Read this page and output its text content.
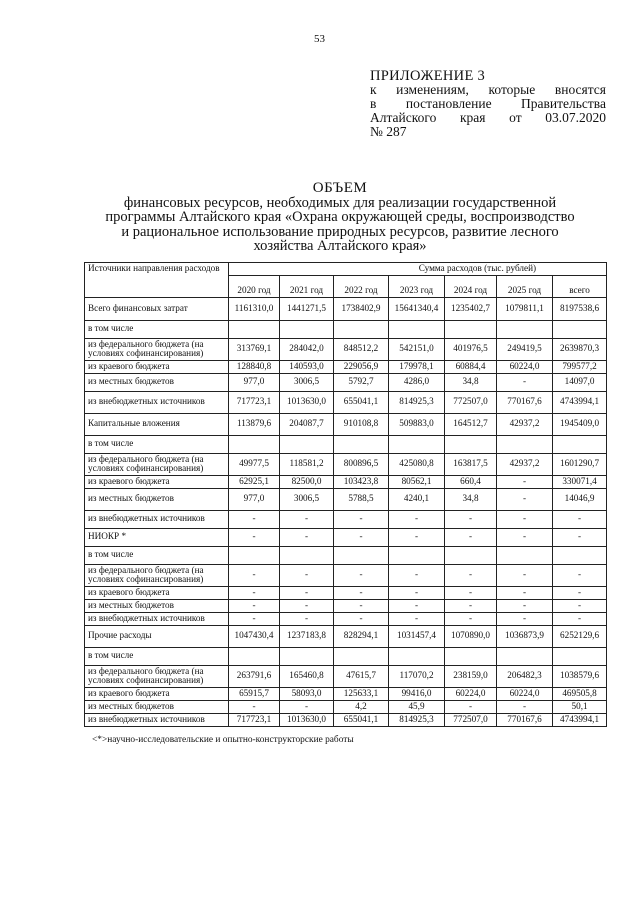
53
ПРИЛОЖЕНИЕ 3
к изменениям, которые вносятся
в постановление Правительства
Алтайского края от 03.07.2020
№ 287
ОБЪЕМ
финансовых ресурсов, необходимых для реализации государственной
программы Алтайского края «Охрана окружающей среды, воспроизводство
и рациональное использование природных ресурсов, развитие лесного
хозяйства Алтайского края»
Источники направления расходов	Сумма расходов (тыс. рублей)						
	2020 год	2021 год	2022 год	2023 год	2024 год	2025 год	всего
Всего финансовых затрат	1161310,0	1441271,5	1738402,9	15641340,4	1235402,7	1079811,1	8197538,6
в том числе							
из федерального бюджета (на условиях софинансирования)	313769,1	284042,0	848512,2	542151,0	401976,5	249419,5	2639870,3
из краевого бюджета	128840,8	140593,0	229056,9	179978,1	60884,4	60224,0	799577,2
из местных бюджетов	977,0	3006,5	5792,7	4286,0	34,8	-	14097,0
из внебюджетных источников	717723,1	1013630,0	655041,1	814925,3	772507,0	770167,6	4743994,1
Капитальные вложения	113879,6	204087,7	910108,8	509883,0	164512,7	42937,2	1945409,0
в том числе							
из федерального бюджета (на условиях софинансирования)	49977,5	118581,2	800896,5	425080,8	163817,5	42937,2	1601290,7
из краевого бюджета	62925,1	82500,0	103423,8	80562,1	660,4	-	330071,4
из местных бюджетов	977,0	3006,5	5788,5	4240,1	34,8	-	14046,9
из внебюджетных источников	-	-	-	-	-	-	-
НИОКР *	-	-	-	-	-	-	-
в том числе							
из федерального бюджета (на условиях софинансирования)	-	-	-	-	-	-	-
из краевого бюджета	-	-	-	-	-	-	-
из местных бюджетов	-	-	-	-	-	-	-
из внебюджетных источников	-	-	-	-	-	-	-
Прочие расходы	1047430,4	1237183,8	828294,1	1031457,4	1070890,0	1036873,9	6252129,6
в том числе							
из федерального бюджета (на условиях софинансирования)	263791,6	165460,8	47615,7	117070,2	238159,0	206482,3	1038579,6
из краевого бюджета	65915,7	58093,0	125633,1	99416,0	60224,0	60224,0	469505,8
из местных бюджетов	-	-	4,2	45,9	-	-	50,1
из внебюджетных источников	717723,1	1013630,0	655041,1	814925,3	772507,0	770167,6	4743994,1
<*>научно-исследовательские и опытно-конструкторские работы
